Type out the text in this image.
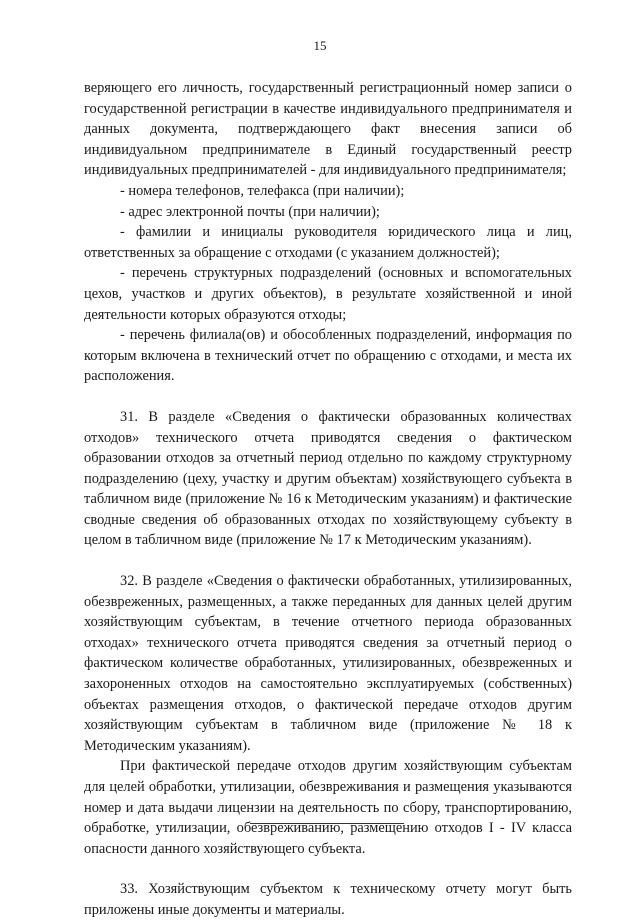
15

веряющего его личность, государственный регистрационный номер записи о государственной регистрации в качестве индивидуального предпринимателя и данных документа, подтверждающего факт внесения записи об индивидуальном предпринимателе в Единый государственный реестр индивидуальных предпринимателей - для индивидуального предпринимателя;

- номера телефонов, телефакса (при наличии);

- адрес электронной почты (при наличии);

- фамилии и инициалы руководителя юридического лица и лиц, ответственных за обращение с отходами (с указанием должностей);

- перечень структурных подразделений (основных и вспомогательных цехов, участков и других объектов), в результате хозяйственной и иной деятельности которых образуются отходы;

- перечень филиала(ов) и обособленных подразделений, информация по которым включена в технический отчет по обращению с отходами, и места их расположения.

31. В разделе «Сведения о фактически образованных количествах отходов» технического отчета приводятся сведения о фактическом образовании отходов за отчетный период отдельно по каждому структурному подразделению (цеху, участку и другим объектам) хозяйствующего субъекта в табличном виде (приложение № 16 к Методическим указаниям) и фактические сводные сведения об образованных отходах по хозяйствующему субъекту в целом в табличном виде (приложение № 17 к Методическим указаниям).

32. В разделе «Сведения о фактически обработанных, утилизированных, обезвреженных, размещенных, а также переданных для данных целей другим хозяйствующим субъектам, в течение отчетного периода образованных отходах» технического отчета приводятся сведения за отчетный период о фактическом количестве обработанных, утилизированных, обезвреженных и захороненных отходов на самостоятельно эксплуатируемых (собственных) объектах размещения отходов, о фактической передаче отходов другим хозяйствующим субъектам в табличном виде (приложение № 18 к Методическим указаниям).

При фактической передаче отходов другим хозяйствующим субъектам для целей обработки, утилизации, обезвреживания и размещения указываются номер и дата выдачи лицензии на деятельность по сбору, транспортированию, обработке, утилизации, обезвреживанию, размещению отходов I - IV класса опасности данного хозяйствующего субъекта.

33. Хозяйствующим субъектом к техническому отчету могут быть приложены иные документы и материалы.
